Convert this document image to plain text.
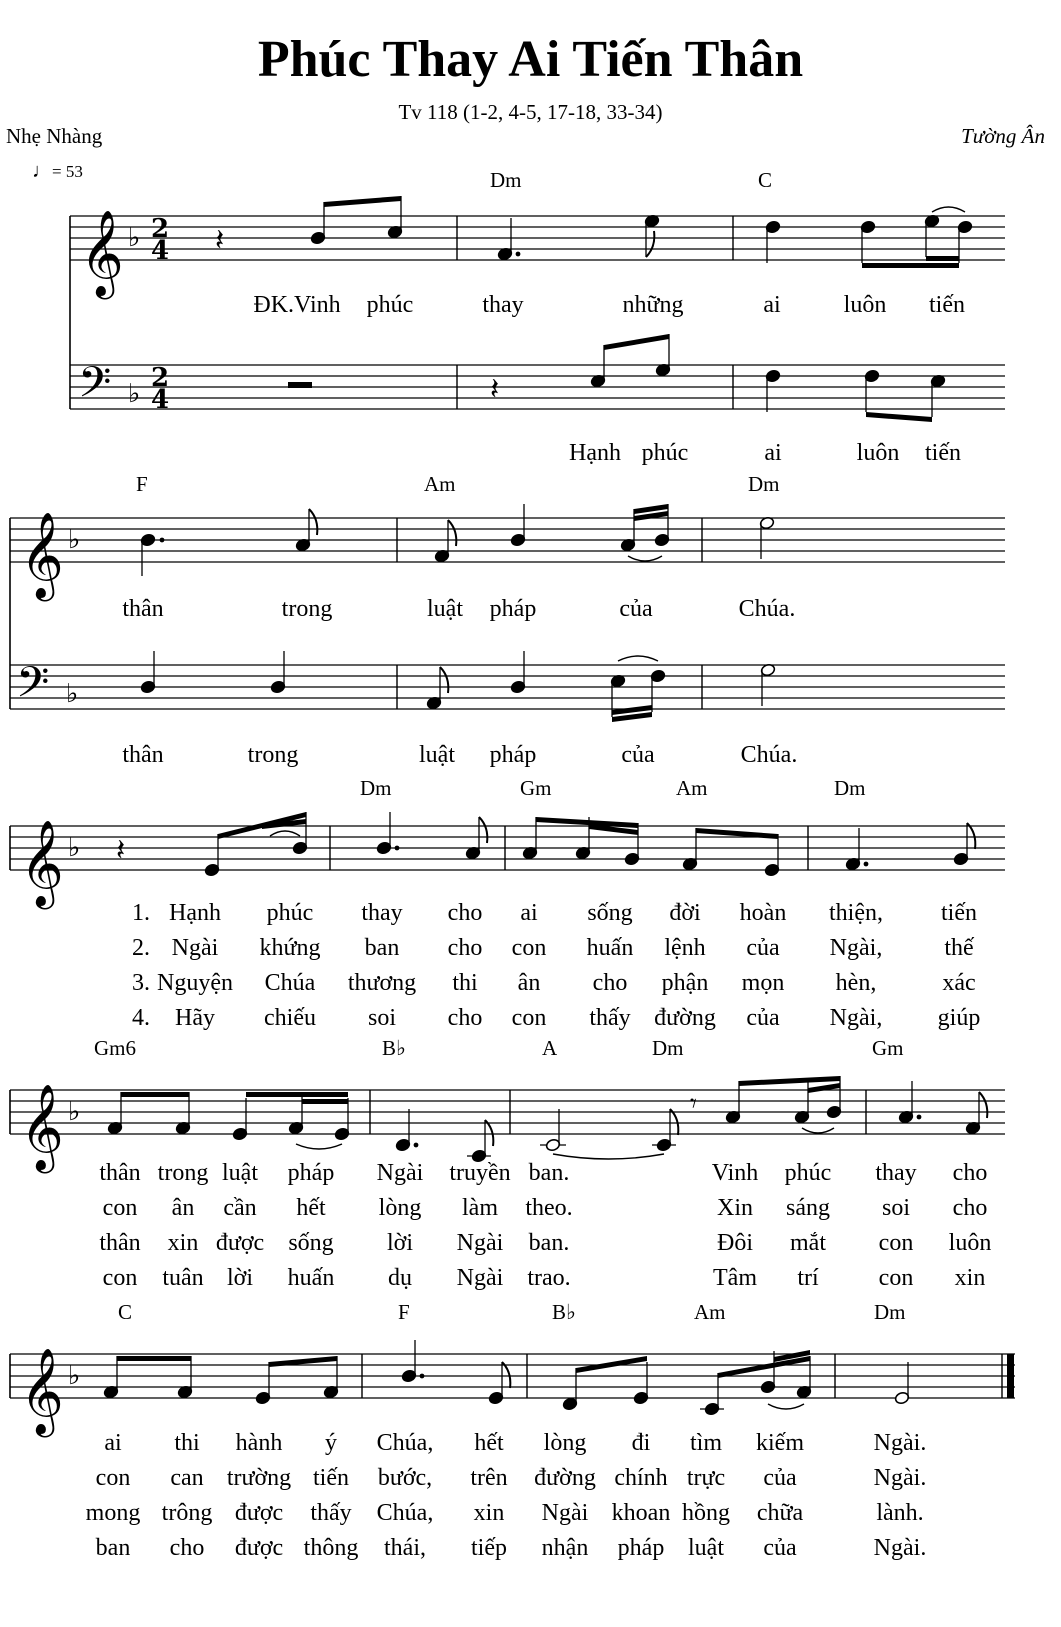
Phúc Thay Ai Tiến Thân
Tv 118 (1-2, 4-5, 17-18, 33-34)
Nhẹ Nhàng	Tường Ân
♩= 53
𝄞
𝄢
♭
♭
2
4
2
4
𝄞
𝄢
♭
♭
𝄞 ♭
𝄞 ♭
𝄞 ♭
𝄽
𝄽
𝄽
𝄾
Dm	C
F	Am	Dm
Dm	Gm	Am	Dm
Gm6	B♭	A	Dm	Gm
C	F	B♭	Am	Dm
ĐK.Vinh phúc	thay	những	ai	luôn tiến
Hạnh phúc	ai	luôn tiến
thân	trong	luật pháp	của	Chúa.
thân	trong	luật pháp	của	Chúa.
1. Hạnh phúc thay cho ai sống đời hoàn thiện, tiến
thân trong luật pháp Ngài truyền ban.	Vinh phúc thay cho
ai thi hành ý Chúa, hết lòng đi tìm kiếm	Ngài.
2. Ngài khứng ban cho con huấn lệnh của Ngài,	thế
con ân cần hết lòng làm theo.	Xin sáng soi cho
con can trường tiến bước, trên đường chính trực của	Ngài.
3. Nguyện Chúa thương thi ân cho phận mọn hèn,	xác
thân xin được sống lời Ngài ban.	Đôi mắt con luôn
mong trông được thấy Chúa, xin Ngài khoan hồng chữa	lành.
4. Hãy chiếu soi cho con thấy đường của Ngài, giúp
con tuân lời huấn dụ Ngài trao.	Tâm trí	con xin
ban cho được thông thái, tiếp nhận pháp luật của	Ngài.
